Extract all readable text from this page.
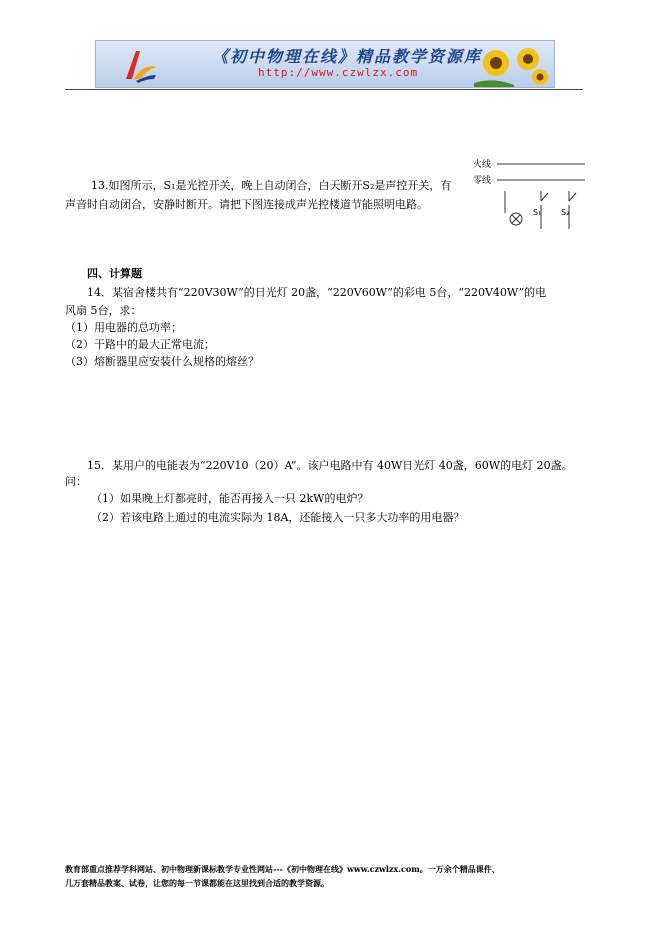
《初中物理在线》精品教学资源库
http://www.czwlzx.com
13.如图所示，S₁是光控开关，晚上自动闭合，白天断开S₂是声控开关，有声音时自动闭合，安静时断开。请把下图连接成声光控楼道节能照明电路。
火线
零线
S₁ S₂
四、计算题
14．某宿舍楼共有“220V30W”的日光灯 20盏，“220V60W”的彩电 5台，“220V40W”的电
风扇 5台，求：
（1）用电器的总功率；
（2）干路中的最大正常电流；
（3）熔断器里应安装什么规格的熔丝？
15．某用户的电能表为“220V10（20）A”。该户电路中有 40W日光灯 40盏，60W的电灯 20盏。
问：
（1）如果晚上灯都亮时，能否再接入一只 2kW的电炉？
（2）若该电路上通过的电流实际为 18A，还能接入一只多大功率的用电器？
教育部重点推荐学科网站、初中物理新课标教学专业性网站---《初中物理在线》www.czwlzx.com。一万余个精品课件、
几万套精品教案、试卷，让您的每一节课都能在这里找到合适的教学资源。
